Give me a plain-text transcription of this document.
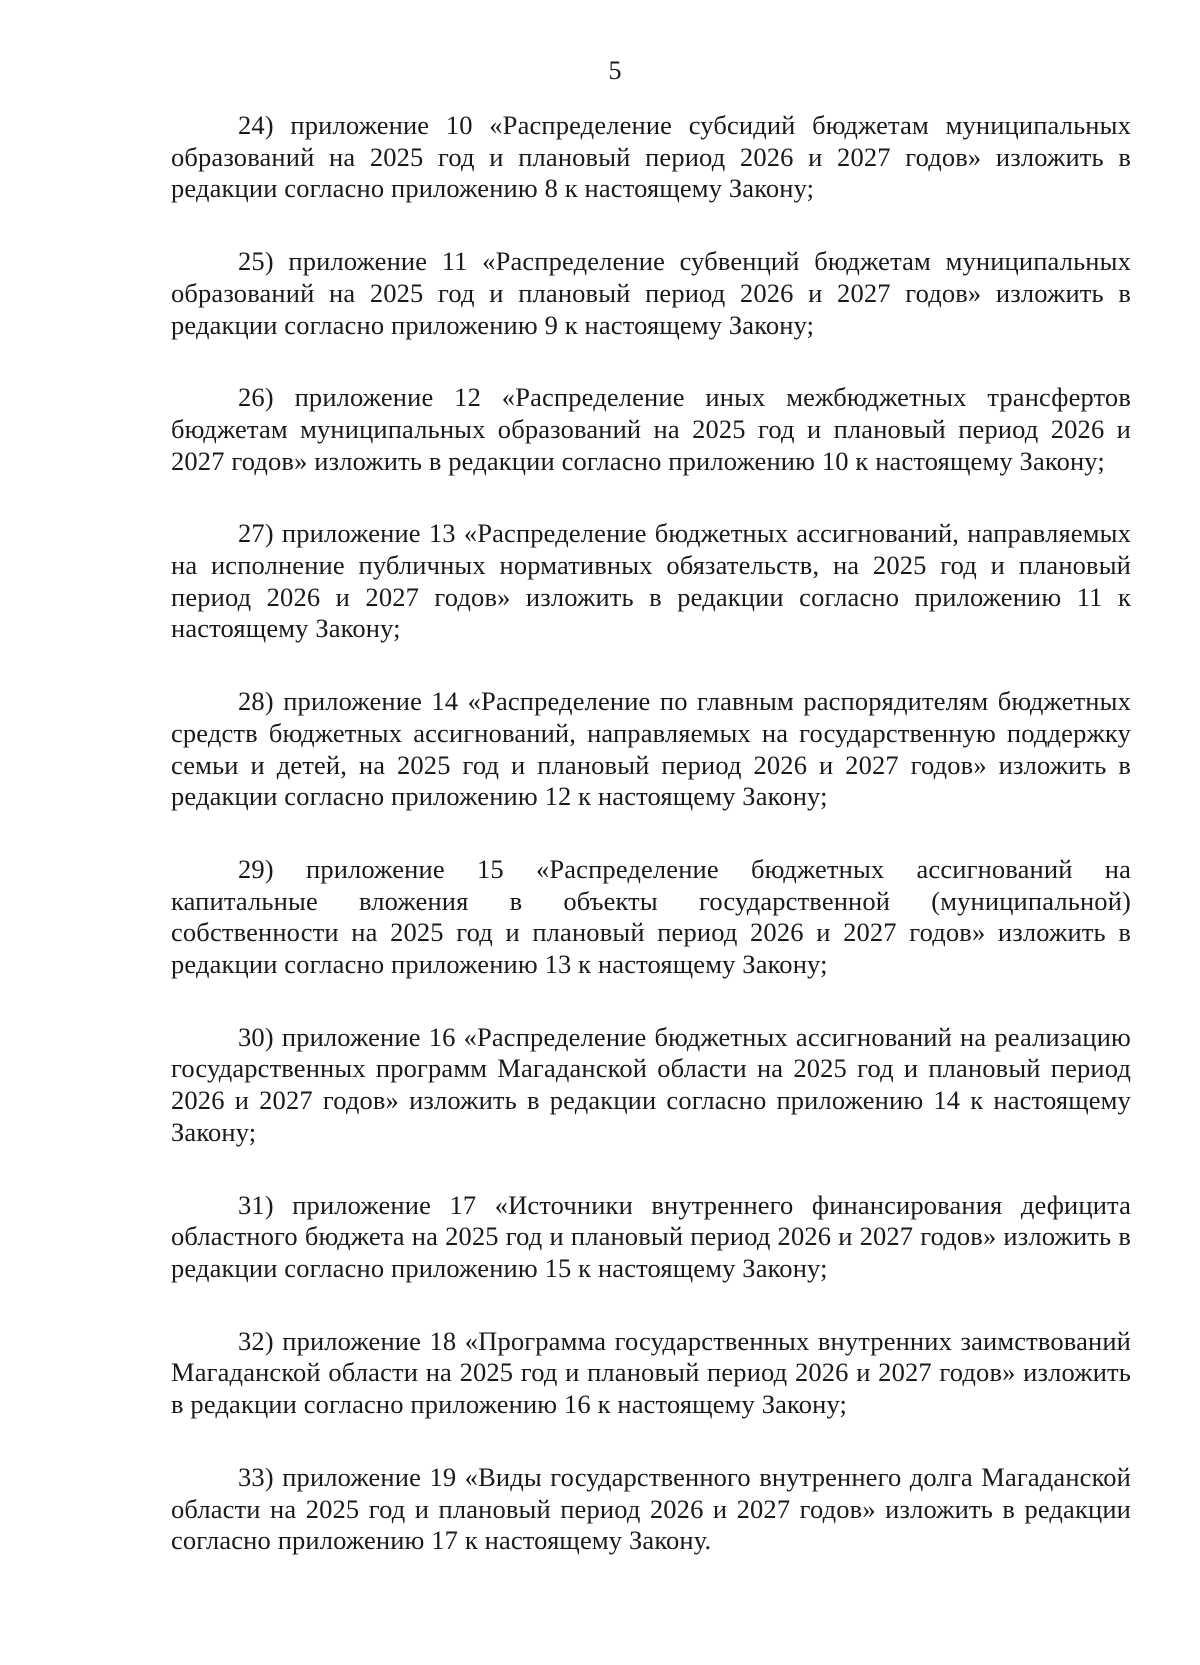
5

24) приложение 10 «Распределение субсидий бюджетам муниципальных образований на 2025 год и плановый период 2026 и 2027 годов» изложить в редакции согласно приложению 8 к настоящему Закону;

25) приложение 11 «Распределение субвенций бюджетам муниципальных образований на 2025 год и плановый период 2026 и 2027 годов» изложить в редакции согласно приложению 9 к настоящему Закону;

26) приложение 12 «Распределение иных межбюджетных трансфертов бюджетам муниципальных образований на 2025 год и плановый период 2026 и 2027 годов» изложить в редакции согласно приложению 10 к настоящему Закону;

27) приложение 13 «Распределение бюджетных ассигнований, направляемых на исполнение публичных нормативных обязательств, на 2025 год и плановый период 2026 и 2027 годов» изложить в редакции согласно приложению 11 к настоящему Закону;

28) приложение 14 «Распределение по главным распорядителям бюджетных средств бюджетных ассигнований, направляемых на государственную поддержку семьи и детей, на 2025 год и плановый период 2026 и 2027 годов» изложить в редакции согласно приложению 12 к настоящему Закону;

29) приложение 15 «Распределение бюджетных ассигнований на капитальные вложения в объекты государственной (муниципальной) собственности на 2025 год и плановый период 2026 и 2027 годов» изложить в редакции согласно приложению 13 к настоящему Закону;

30) приложение 16 «Распределение бюджетных ассигнований на реализацию государственных программ Магаданской области на 2025 год и плановый период 2026 и 2027 годов» изложить в редакции согласно приложению 14 к настоящему Закону;

31) приложение 17 «Источники внутреннего финансирования дефицита областного бюджета на 2025 год и плановый период 2026 и 2027 годов» изложить в редакции согласно приложению 15 к настоящему Закону;

32) приложение 18 «Программа государственных внутренних заимствований Магаданской области на 2025 год и плановый период 2026 и 2027 годов» изложить в редакции согласно приложению 16 к настоящему Закону;

33) приложение 19 «Виды государственного внутреннего долга Магаданской области на 2025 год и плановый период 2026 и 2027 годов» изложить в редакции согласно приложению 17 к настоящему Закону.
